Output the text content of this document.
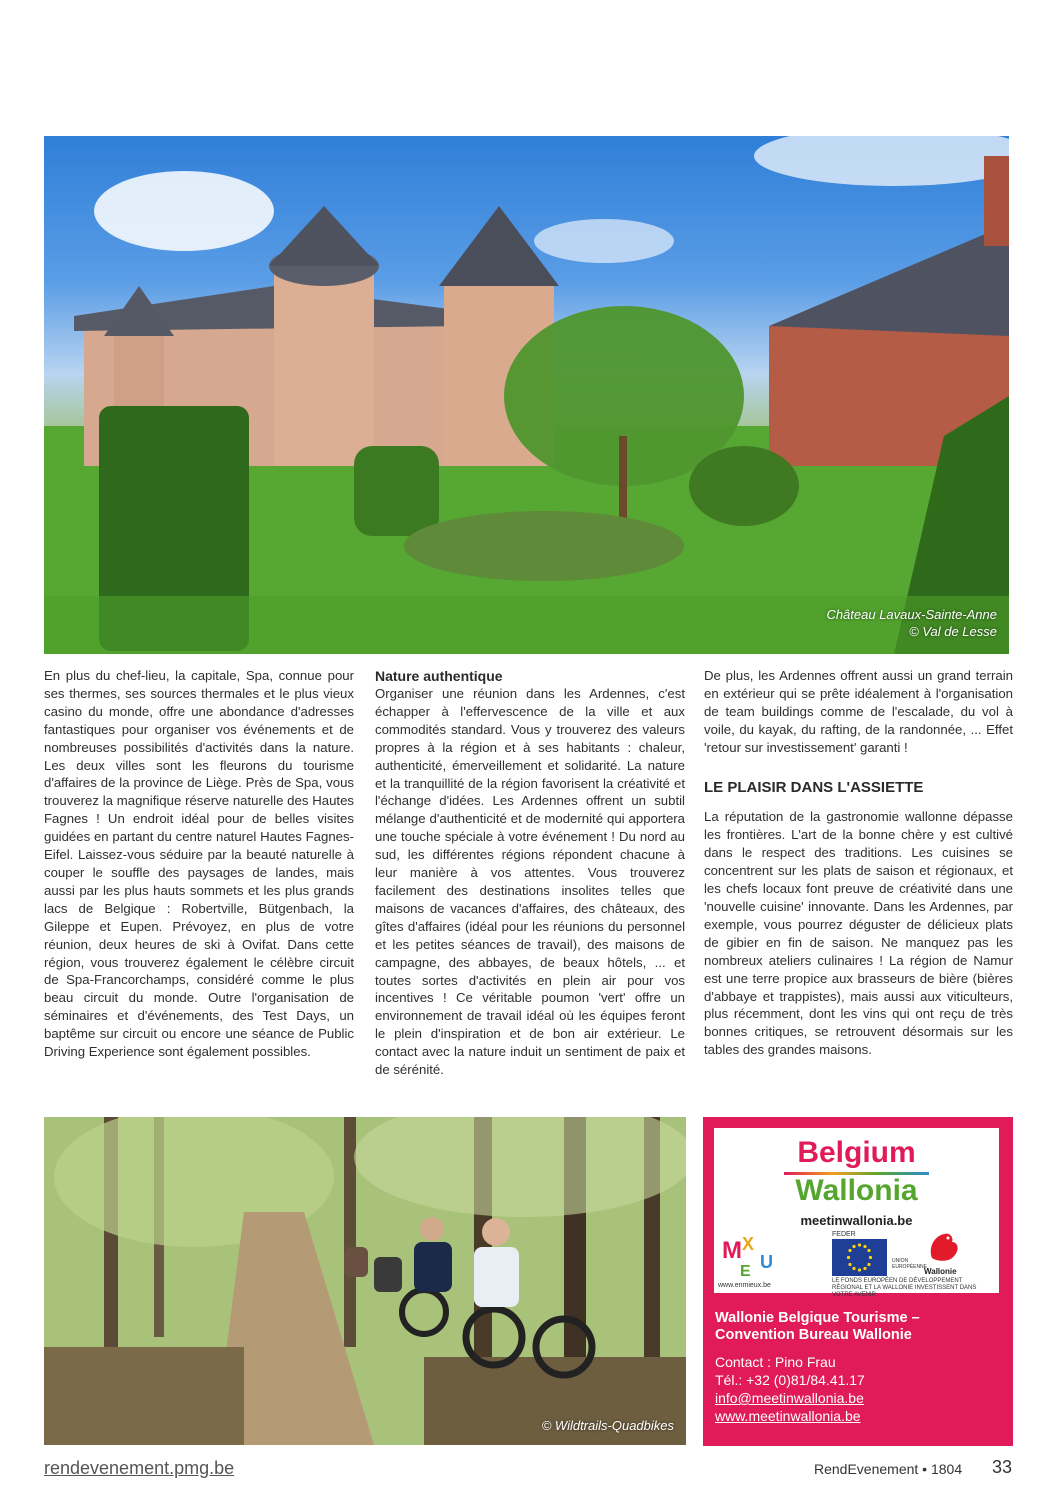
Château Lavaux-Sainte-Anne
© Val de Lesse

En plus du chef-lieu, la capitale, Spa, connue pour ses thermes, ses sources thermales et le plus vieux casino du monde, offre une abondance d'adresses fantastiques pour organiser vos événements et de nombreuses possibilités d'activités dans la nature. Les deux villes sont les fleurons du tourisme d'affaires de la province de Liège. Près de Spa, vous trouverez la magnifique réserve naturelle des Hautes Fagnes ! Un endroit idéal pour de belles visites guidées en partant du centre naturel Hautes Fagnes-Eifel. Laissez-vous séduire par la beauté naturelle à couper le souffle des paysages de landes, mais aussi par les plus hauts sommets et les plus grands lacs de Belgique : Robertville, Bütgenbach, la Gileppe et Eupen. Prévoyez, en plus de votre réunion, deux heures de ski à Ovifat. Dans cette région, vous trouverez également le célèbre circuit de Spa-Francorchamps, considéré comme le plus beau circuit du monde. Outre l'organisation de séminaires et d'événements, des Test Days, un baptême sur circuit ou encore une séance de Public Driving Experience sont également possibles.

Nature authentique

Organiser une réunion dans les Ardennes, c'est échapper à l'effervescence de la ville et aux commodités standard. Vous y trouverez des valeurs propres à la région et à ses habitants : chaleur, authenticité, émerveillement et solidarité. La nature et la tranquillité de la région favorisent la créativité et l'échange d'idées. Les Ardennes offrent un subtil mélange d'authenticité et de modernité qui apportera une touche spéciale à votre événement ! Du nord au sud, les différentes régions répondent chacune à leur manière à vos attentes. Vous trouverez facilement des destinations insolites telles que maisons de vacances d'affaires, des châteaux, des gîtes d'affaires (idéal pour les réunions du personnel et les petites séances de travail), des maisons de campagne, des abbayes, de beaux hôtels, ... et toutes sortes d'activités en plein air pour vos incentives ! Ce véritable poumon 'vert' offre un environnement de travail idéal où les équipes feront le plein d'inspiration et de bon air extérieur. Le contact avec la nature induit un sentiment de paix et de sérénité.

De plus, les Ardennes offrent aussi un grand terrain en extérieur qui se prête idéalement à l'organisation de team buildings comme de l'escalade, du vol à voile, du kayak, du rafting, de la randonnée, ... Effet 'retour sur investissement' garanti !

LE PLAISIR DANS L'ASSIETTE

La réputation de la gastronomie wallonne dépasse les frontières. L'art de la bonne chère y est cultivé dans le respect des traditions. Les cuisines se concentrent sur les plats de saison et régionaux, et les chefs locaux font preuve de créativité dans une 'nouvelle cuisine' innovante. Dans les Ardennes, par exemple, vous pourrez déguster de délicieux plats de gibier en fin de saison. Ne manquez pas les nombreux ateliers culinaires ! La région de Namur est une terre propice aux brasseurs de bière (bières d'abbaye et trappistes), mais aussi aux viticulteurs, plus récemment, dont les vins qui ont reçu de très bonnes critiques, se retrouvent désormais sur les tables des grandes maisons.

© Wildtrails-Quadbikes
Belgium
Wallonia
meetinwallonia.be
M X
U
E
www.enmieux.be
FEDER
UNION EUROPÉENNE
Wallonie
LE FONDS EUROPÉEN DE DÉVELOPPEMENT RÉGIONAL ET LA WALLONIE INVESTISSENT DANS VOTRE AVENIR
Wallonie Belgique Tourisme –
Convention Bureau Wallonie
Contact : Pino Frau
Tél.: +32 (0)81/84.41.17
info@meetinwallonia.be
www.meetinwallonia.be
rendevenement.pmg.be	RendEvenement • 1804 33
